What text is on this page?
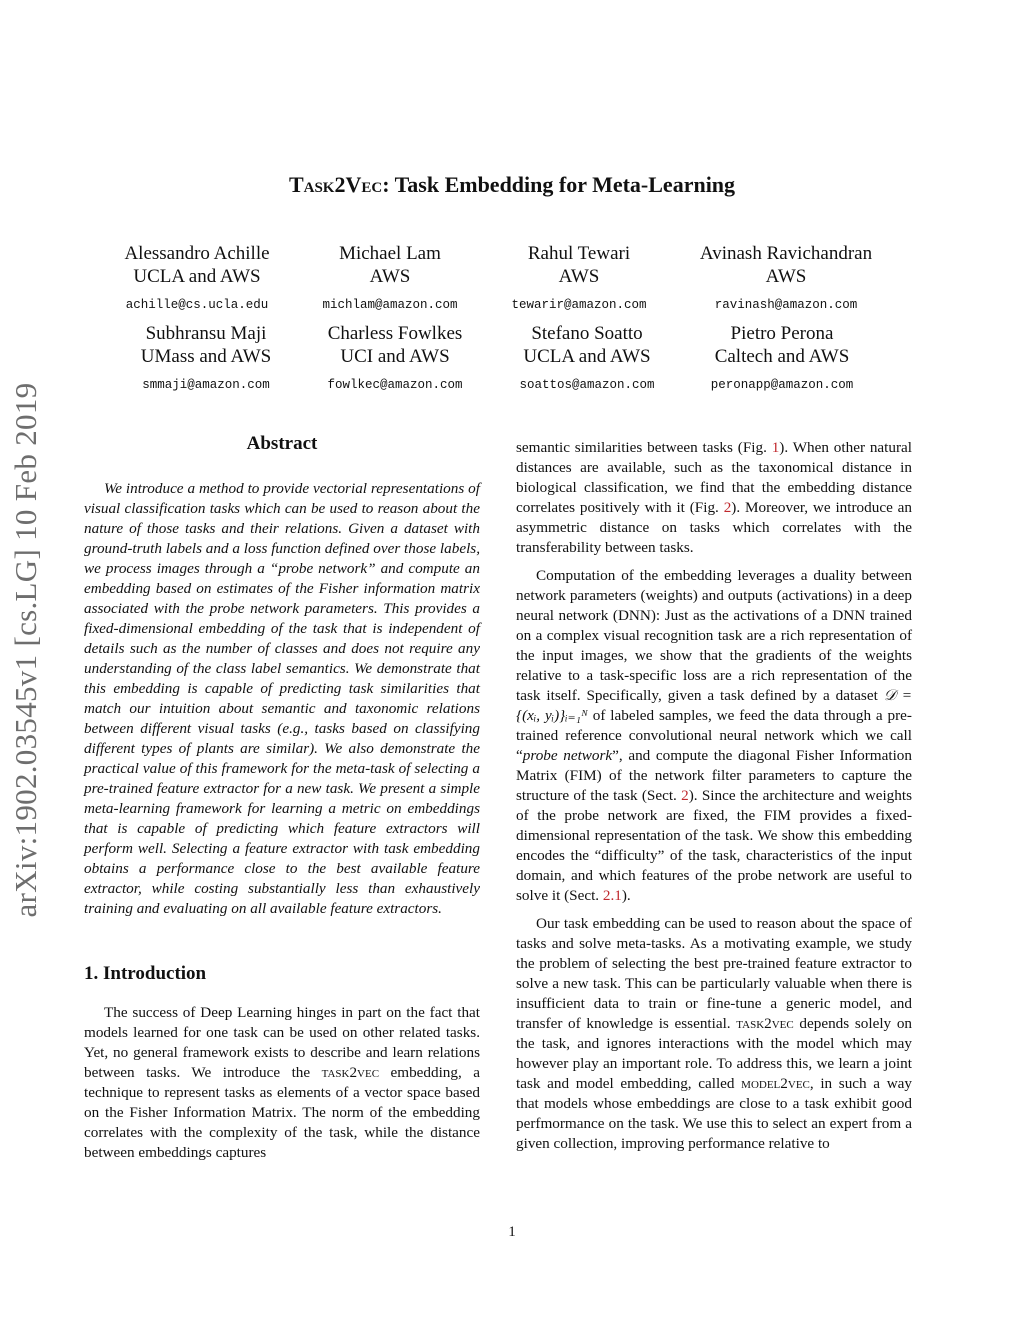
arXiv:1902.03545v1 [cs.LG] 10 Feb 2019
Task2Vec: Task Embedding for Meta-Learning
Alessandro Achille
UCLA and AWS
achille@cs.ucla.edu
Michael Lam
AWS
michlam@amazon.com
Rahul Tewari
AWS
tewarir@amazon.com
Avinash Ravichandran
AWS
ravinash@amazon.com
Subhransu Maji
UMass and AWS
smmaji@amazon.com
Charless Fowlkes
UCI and AWS
fowlkec@amazon.com
Stefano Soatto
UCLA and AWS
soattos@amazon.com
Pietro Perona
Caltech and AWS
peronapp@amazon.com
Abstract

We introduce a method to provide vectorial representations of visual classification tasks which can be used to reason about the nature of those tasks and their relations. Given a dataset with ground-truth labels and a loss function defined over those labels, we process images through a “probe network” and compute an embedding based on estimates of the Fisher information matrix associated with the probe network parameters. This provides a fixed-dimensional embedding of the task that is independent of details such as the number of classes and does not require any understanding of the class label semantics. We demonstrate that this embedding is capable of predicting task similarities that match our intuition about semantic and taxonomic relations between different visual tasks (e.g., tasks based on classifying different types of plants are similar). We also demonstrate the practical value of this framework for the meta-task of selecting a pre-trained feature extractor for a new task. We present a simple meta-learning framework for learning a metric on embeddings that is capable of predicting which feature extractors will perform well. Selecting a feature extractor with task embedding obtains a performance close to the best available feature extractor, while costing substantially less than exhaustively training and evaluating on all available feature extractors.

1. Introduction

The success of Deep Learning hinges in part on the fact that models learned for one task can be used on other related tasks. Yet, no general framework exists to describe and learn relations between tasks. We introduce the task2vec embedding, a technique to represent tasks as elements of a vector space based on the Fisher Information Matrix. The norm of the embedding correlates with the complexity of the task, while the distance between embeddings captures

semantic similarities between tasks (Fig. 1). When other natural distances are available, such as the taxonomical distance in biological classification, we find that the embedding distance correlates positively with it (Fig. 2). Moreover, we introduce an asymmetric distance on tasks which correlates with the transferability between tasks.

Computation of the embedding leverages a duality between network parameters (weights) and outputs (activations) in a deep neural network (DNN): Just as the activations of a DNN trained on a complex visual recognition task are a rich representation of the input images, we show that the gradients of the weights relative to a task-specific loss are a rich representation of the task itself. Specifically, given a task defined by a dataset 𝒟 = {(xᵢ, yᵢ)}ᵢ₌₁ᴺ of labeled samples, we feed the data through a pre-trained reference convolutional neural network which we call “probe network”, and compute the diagonal Fisher Information Matrix (FIM) of the network filter parameters to capture the structure of the task (Sect. 2). Since the architecture and weights of the probe network are fixed, the FIM provides a fixed-dimensional representation of the task. We show this embedding encodes the “difficulty” of the task, characteristics of the input domain, and which features of the probe network are useful to solve it (Sect. 2.1).

Our task embedding can be used to reason about the space of tasks and solve meta-tasks. As a motivating example, we study the problem of selecting the best pre-trained feature extractor to solve a new task. This can be particularly valuable when there is insufficient data to train or fine-tune a generic model, and transfer of knowledge is essential. task2vec depends solely on the task, and ignores interactions with the model which may however play an important role. To address this, we learn a joint task and model embedding, called model2vec, in such a way that models whose embeddings are close to a task exhibit good perfmormance on the task. We use this to select an expert from a given collection, improving performance relative to

1
